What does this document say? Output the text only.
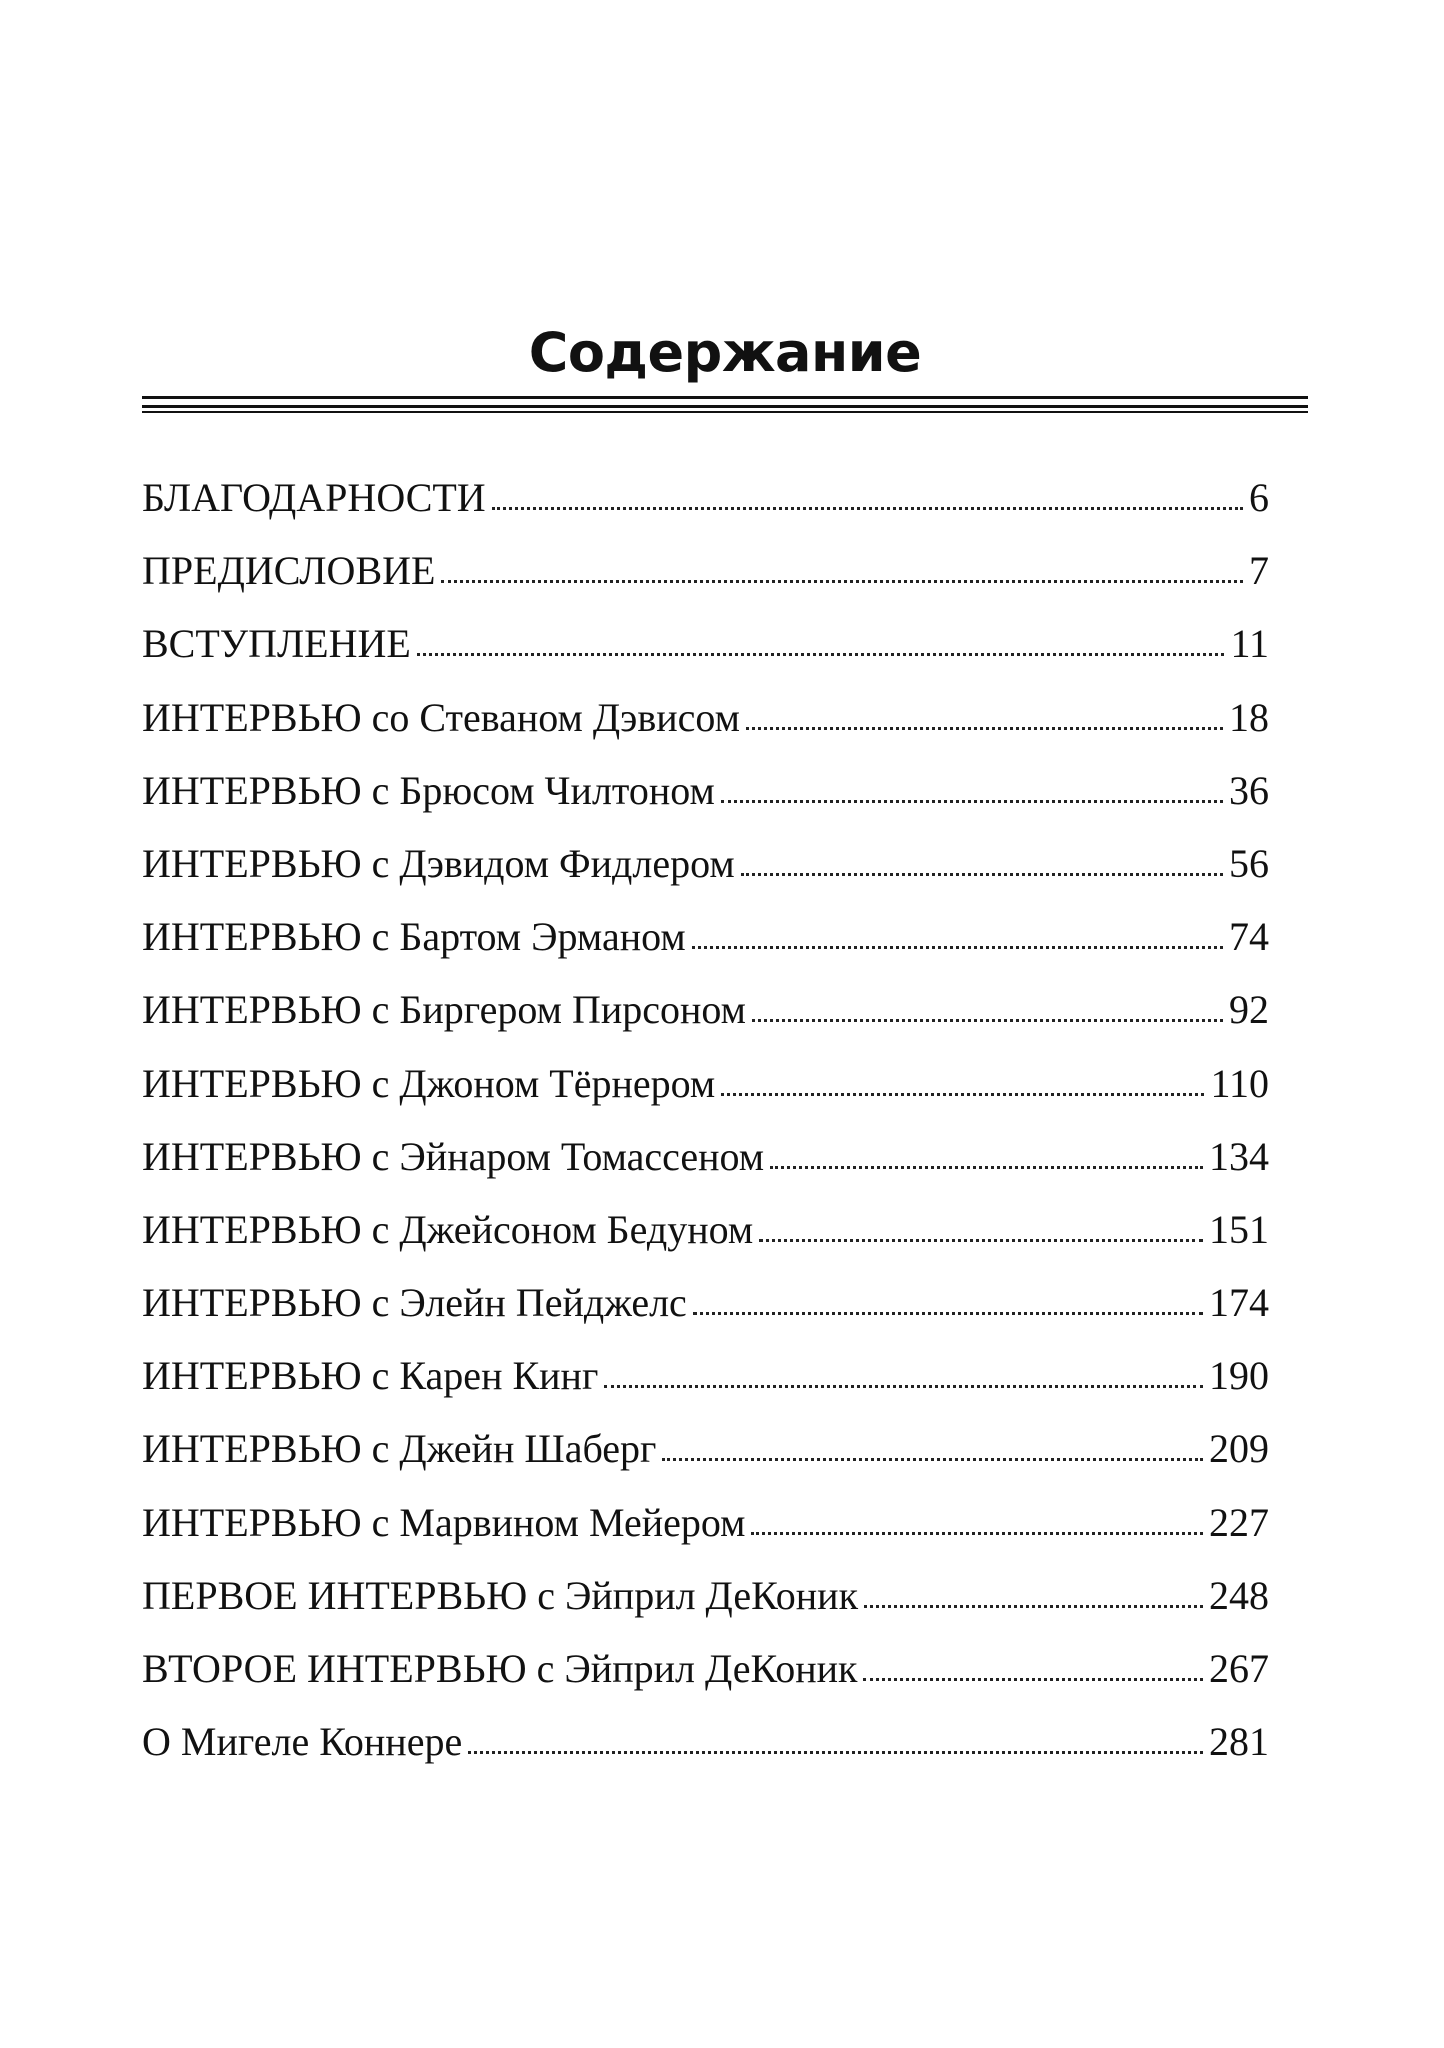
Содержание
БЛАГОДАРНОСТИ	6
ПРЕДИСЛОВИЕ	7
ВСТУПЛЕНИЕ	11
ИНТЕРВЬЮ со Стеваном Дэвисом	18
ИНТЕРВЬЮ с Брюсом Чилтоном	36
ИНТЕРВЬЮ с Дэвидом Фидлером	56
ИНТЕРВЬЮ с Бартом Эрманом	74
ИНТЕРВЬЮ с Биргером Пирсоном	92
ИНТЕРВЬЮ с Джоном Тёрнером	110
ИНТЕРВЬЮ с Эйнаром Томассеном	134
ИНТЕРВЬЮ с Джейсоном Бедуном	151
ИНТЕРВЬЮ с Элейн Пейджелс	174
ИНТЕРВЬЮ с Карен Кинг	190
ИНТЕРВЬЮ с Джейн Шаберг	209
ИНТЕРВЬЮ с Марвином Мейером	227
ПЕРВОЕ ИНТЕРВЬЮ с Эйприл ДеКоник	248
ВТОРОЕ ИНТЕРВЬЮ с Эйприл ДеКоник	267
О Мигеле Коннере	281
